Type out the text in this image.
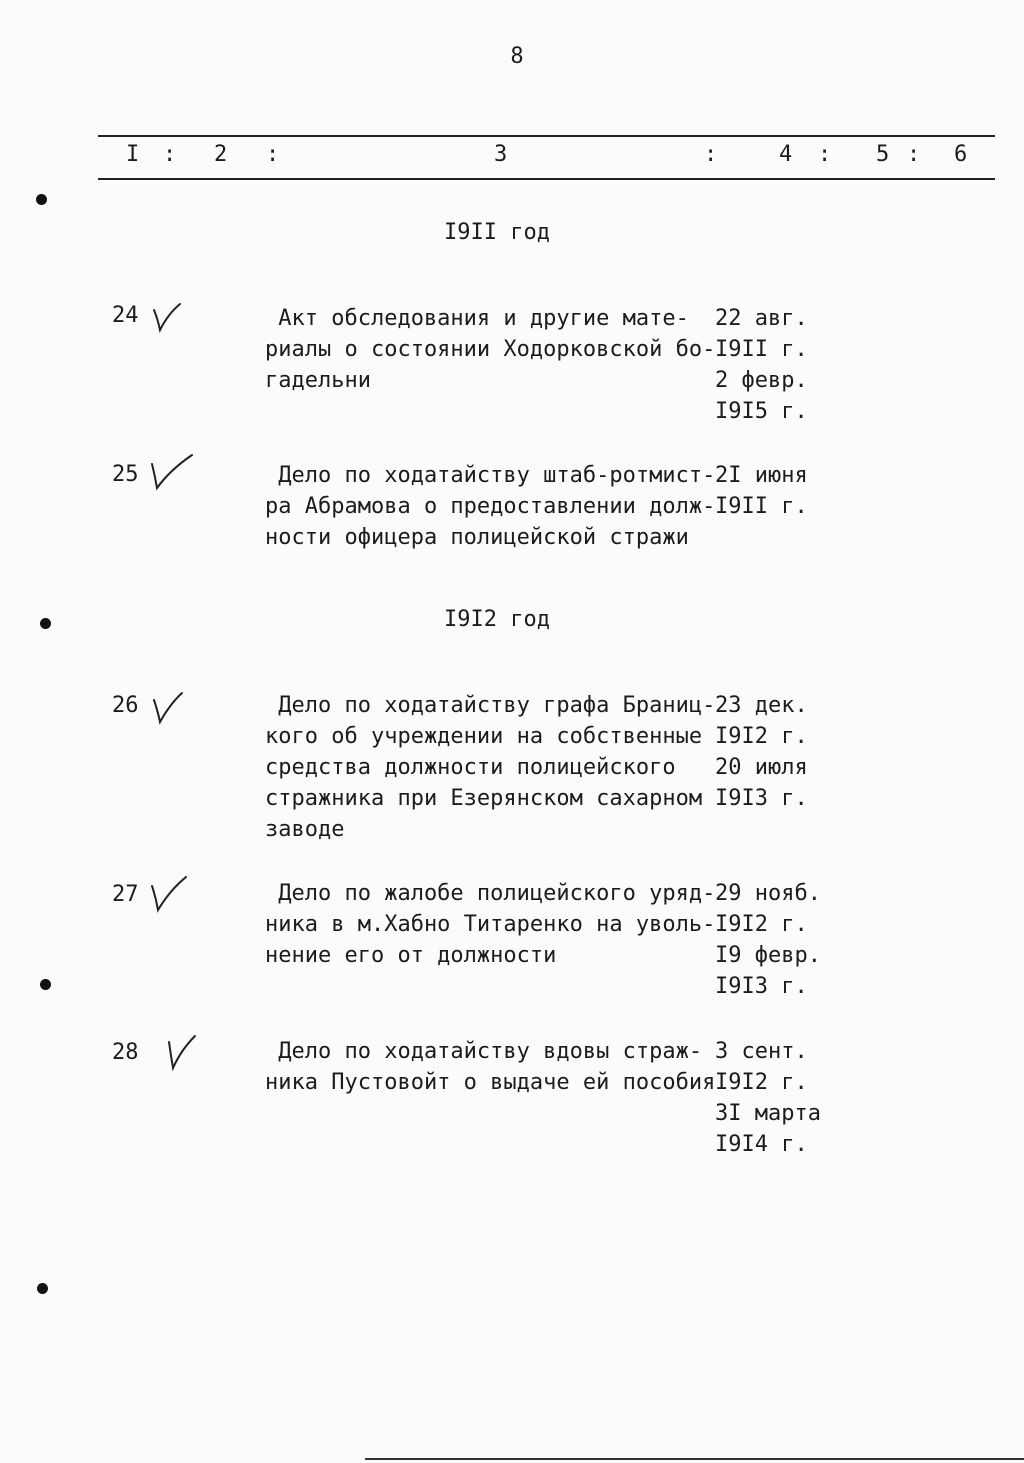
8
I : 2 :	3	:	4 : 5 : 6
I9II год
24	Акт обследования и другие мате-
риалы о состоянии Ходорковской бо-
гадельни
22 авг.
I9II г.
2 февр.
I9I5 г.
25	Дело по ходатайству штаб-ротмист-
ра Абрамова о предоставлении долж-
ности офицера полицейской стражи
2I июня
I9II г.
I9I2 год
26	Дело по ходатайству графа Браниц-
кого об учреждении на собственные
средства должности полицейского
стражника при Езерянском сахарном
заводе
23 дек.
I9I2 г.
20 июля
I9I3 г.
27	Дело по жалобе полицейского уряд-
ника в м.Хабно Титаренко на уволь-
нение его от должности
29 нояб.
I9I2 г.
I9 февр.
I9I3 г.
28	Дело по ходатайству вдовы страж-
ника Пустовойт о выдаче ей пособия
3 сент.
I9I2 г.
3I марта
I9I4 г.
